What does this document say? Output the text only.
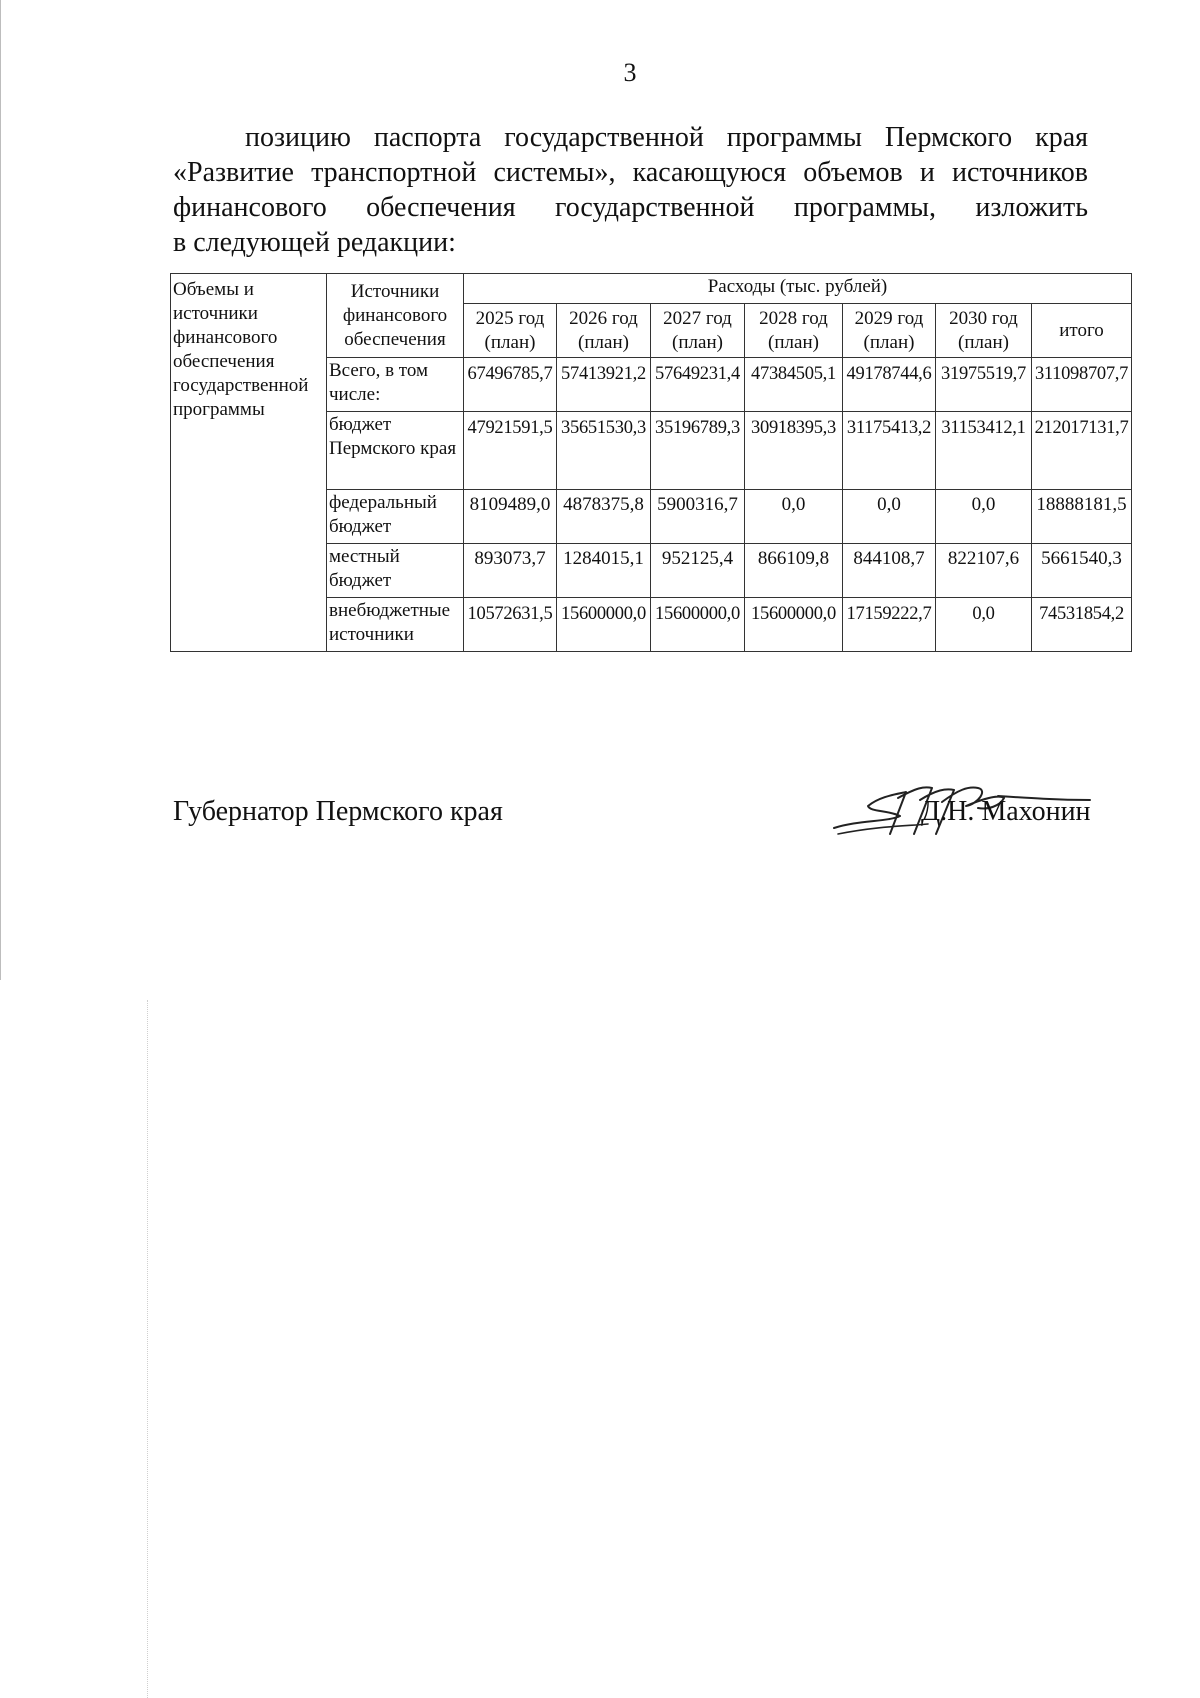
3
позицию паспорта государственной программы Пермского края
«Развитие транспортной системы», касающуюся объемов и источников
финансового обеспечения государственной программы, изложить
в следующей редакции:
Объемы и источники финансового обеспечения государственной программы	Источники финансового обеспечения	Расходы (тыс. рублей)						
		2025 год (план)	2026 год (план)	2027 год (план)	2028 год (план)	2029 год (план)	2030 год (план)	итого
	Всего, в том числе:	67496785,7	57413921,2	57649231,4	47384505,1	49178744,6	31975519,7	311098707,7
	бюджет Пермского края	47921591,5	35651530,3	35196789,3	30918395,3	31175413,2	31153412,1	212017131,7
	федеральный бюджет	8109489,0	4878375,8	5900316,7	0,0	0,0	0,0	18888181,5
	местный бюджет	893073,7	1284015,1	952125,4	866109,8	844108,7	822107,6	5661540,3
	внебюджетные источники	10572631,5	15600000,0	15600000,0	15600000,0	17159222,7	0,0	74531854,2
Губернатор Пермского края	Д.Н. Махонин
